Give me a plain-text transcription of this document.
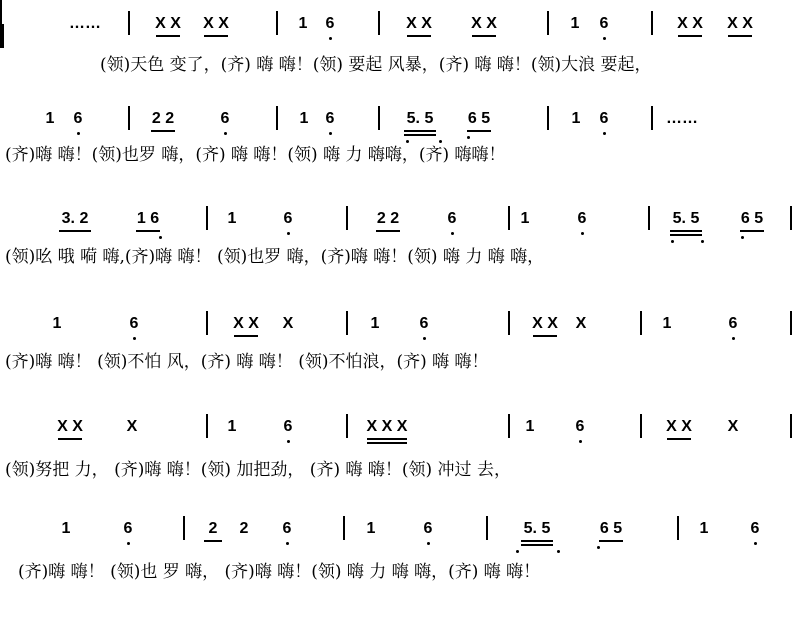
……	X X X X	1 6	X X X X	1 6	X X X X
(领)天色 变了，(齐) 嗨 嗨！(领) 要起 风暴，(齐) 嗨 嗨！(领)大浪 要起，
1 6	2 2	6	1 6	5. 5 6 5	1 6	……
(齐)嗨 嗨！(领)也罗 嗨，(齐) 嗨 嗨！(领) 嗨 力 嗨嗨，(齐) 嗨嗨！
3. 2	1 6	1	6	2 2	6	1	6	5. 5	6 5
(领)吆 哦 嗬 嗨,(齐)嗨 嗨！ (领)也罗 嗨，(齐)嗨 嗨！(领) 嗨 力 嗨 嗨，
1	6	X X X	1	6	X X X	1	6
(齐)嗨 嗨！ (领)不怕 风，(齐) 嗨 嗨！ (领)不怕浪，(齐) 嗨 嗨！
X X	X	1	6	X X X	1	6	X X X
(领)努把 力， (齐)嗨 嗨！(领) 加把劲， (齐) 嗨 嗨！(领) 冲过 去，
1	6	2 2 6	1	6	5. 5	6 5	1	6
(齐)嗨 嗨！ (领)也 罗 嗨， (齐)嗨 嗨！(领) 嗨 力 嗨 嗨，(齐) 嗨 嗨！
